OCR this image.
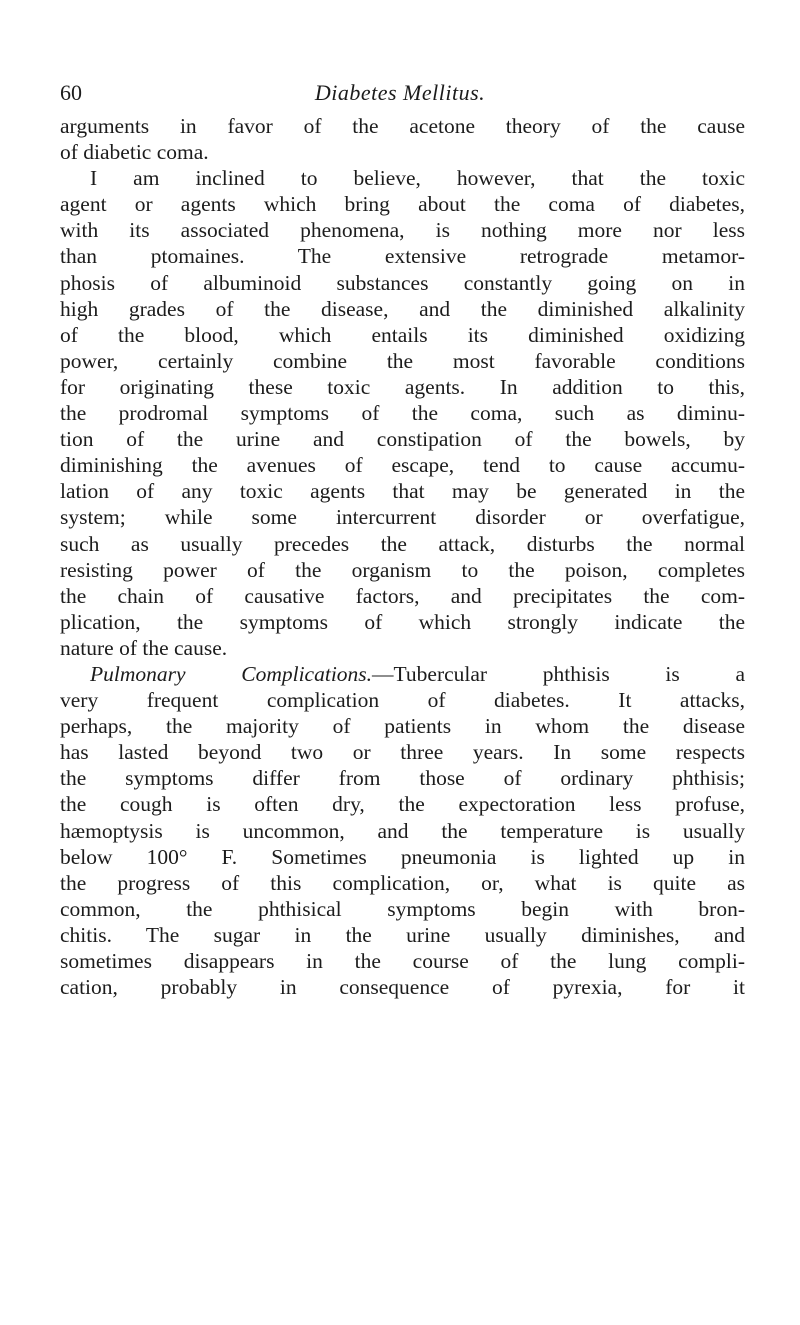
60	Diabetes Mellitus.
arguments in favor of the acetone theory of the cause
of diabetic coma.
I am inclined to believe, however, that the toxic
agent or agents which bring about the coma of diabetes,
with its associated phenomena, is nothing more nor less
than ptomaines. The extensive retrograde metamor-
phosis of albuminoid substances constantly going on in
high grades of the disease, and the diminished alkalinity
of the blood, which entails its diminished oxidizing
power, certainly combine the most favorable conditions
for originating these toxic agents. In addition to this,
the prodromal symptoms of the coma, such as diminu-
tion of the urine and constipation of the bowels, by
diminishing the avenues of escape, tend to cause accumu-
lation of any toxic agents that may be generated in the
system; while some intercurrent disorder or overfatigue,
such as usually precedes the attack, disturbs the normal
resisting power of the organism to the poison, completes
the chain of causative factors, and precipitates the com-
plication, the symptoms of which strongly indicate the
nature of the cause.
Pulmonary Complications.—Tubercular phthisis is a
very frequent complication of diabetes. It attacks,
perhaps, the majority of patients in whom the disease
has lasted beyond two or three years. In some respects
the symptoms differ from those of ordinary phthisis;
the cough is often dry, the expectoration less profuse,
hæmoptysis is uncommon, and the temperature is usually
below 100° F. Sometimes pneumonia is lighted up in
the progress of this complication, or, what is quite as
common, the phthisical symptoms begin with bron-
chitis. The sugar in the urine usually diminishes, and
sometimes disappears in the course of the lung compli-
cation, probably in consequence of pyrexia, for it
